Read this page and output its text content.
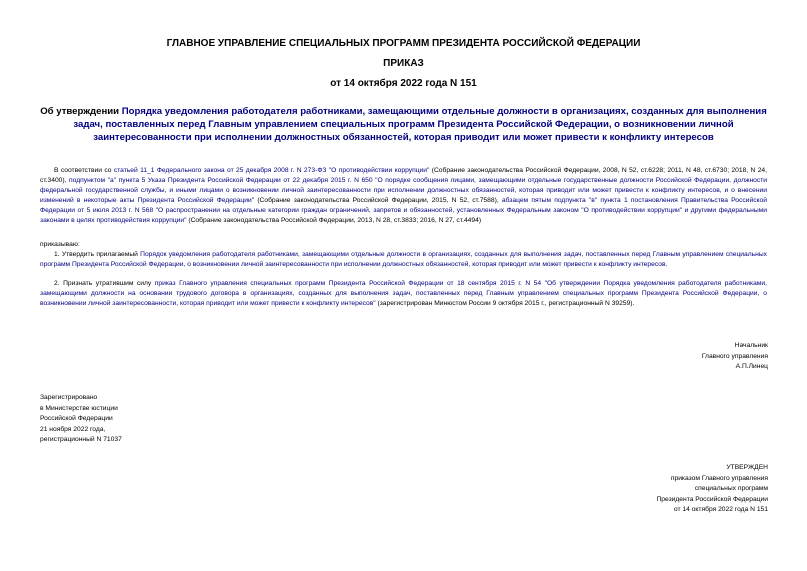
ГЛАВНОЕ УПРАВЛЕНИЕ СПЕЦИАЛЬНЫХ ПРОГРАММ ПРЕЗИДЕНТА РОССИЙСКОЙ ФЕДЕРАЦИИ
ПРИКАЗ
от 14 октября 2022 года N 151
Об утверждении Порядка уведомления работодателя работниками, замещающими отдельные должности в организациях, созданных для выполнения задач, поставленных перед Главным управлением специальных программ Президента Российской Федерации, о возникновении личной заинтересованности при исполнении должностных обязанностей, которая приводит или может привести к конфликту интересов
В соответствии со статьей 11_1 Федерального закона от 25 декабря 2008 г. N 273-ФЗ "О противодействии коррупции" (Собрание законодательства Российской Федерации, 2008, N 52, ст.6228; 2011, N 48, ст.6730; 2018, N 24, ст.3400), подпунктом "а" пункта 5 Указа Президента Российской Федерации от 22 декабря 2015 г. N 650 "О порядке сообщения лицами, замещающими отдельные государственные должности Российской Федерации, должности федеральной государственной службы, и иными лицами о возникновении личной заинтересованности при исполнении должностных обязанностей, которая приводит или может привести к конфликту интересов, и о внесении изменений в некоторые акты Президента Российской Федерации" (Собрание законодательства Российской Федерации, 2015, N 52, ст.7588), абзацем пятым подпункта "в" пункта 1 постановления Правительства Российской Федерации от 5 июля 2013 г. N 568 "О распространении на отдельные категории граждан ограничений, запретов и обязанностей, установленных Федеральным законом "О противодействии коррупции" и другими федеральными законами в целях противодействия коррупции" (Собрание законодательства Российской Федерации, 2013, N 28, ст.3833; 2016, N 27, ст.4494)
приказываю:
1. Утвердить прилагаемый Порядок уведомления работодателя работниками, замещающими отдельные должности в организациях, созданных для выполнения задач, поставленных перед Главным управлением специальных программ Президента Российской Федерации, о возникновении личной заинтересованности при исполнении должностных обязанностей, которая приводит или может привести к конфликту интересов.
2. Признать утратившим силу приказ Главного управления специальных программ Президента Российской Федерации от 18 сентября 2015 г. N 54 "Об утверждении Порядка уведомления работодателя работниками, замещающими должности на основании трудового договора в организациях, созданных для выполнения задач, поставленных перед Главным управлением специальных программ Президента Российской Федерации, о возникновении личной заинтересованности, которая приводит или может привести к конфликту интересов" (зарегистрирован Минюстом России 9 октября 2015 г., регистрационный N 39259).
Начальник
Главного управления
А.П.Линец
Зарегистрировано
в Министерстве юстиции
Российской Федерации
21 ноября 2022 года,
регистрационный N 71037
УТВЕРЖДЕН
приказом Главного управления
специальных программ
Президента Российской Федерации
от 14 октября 2022 года N 151
